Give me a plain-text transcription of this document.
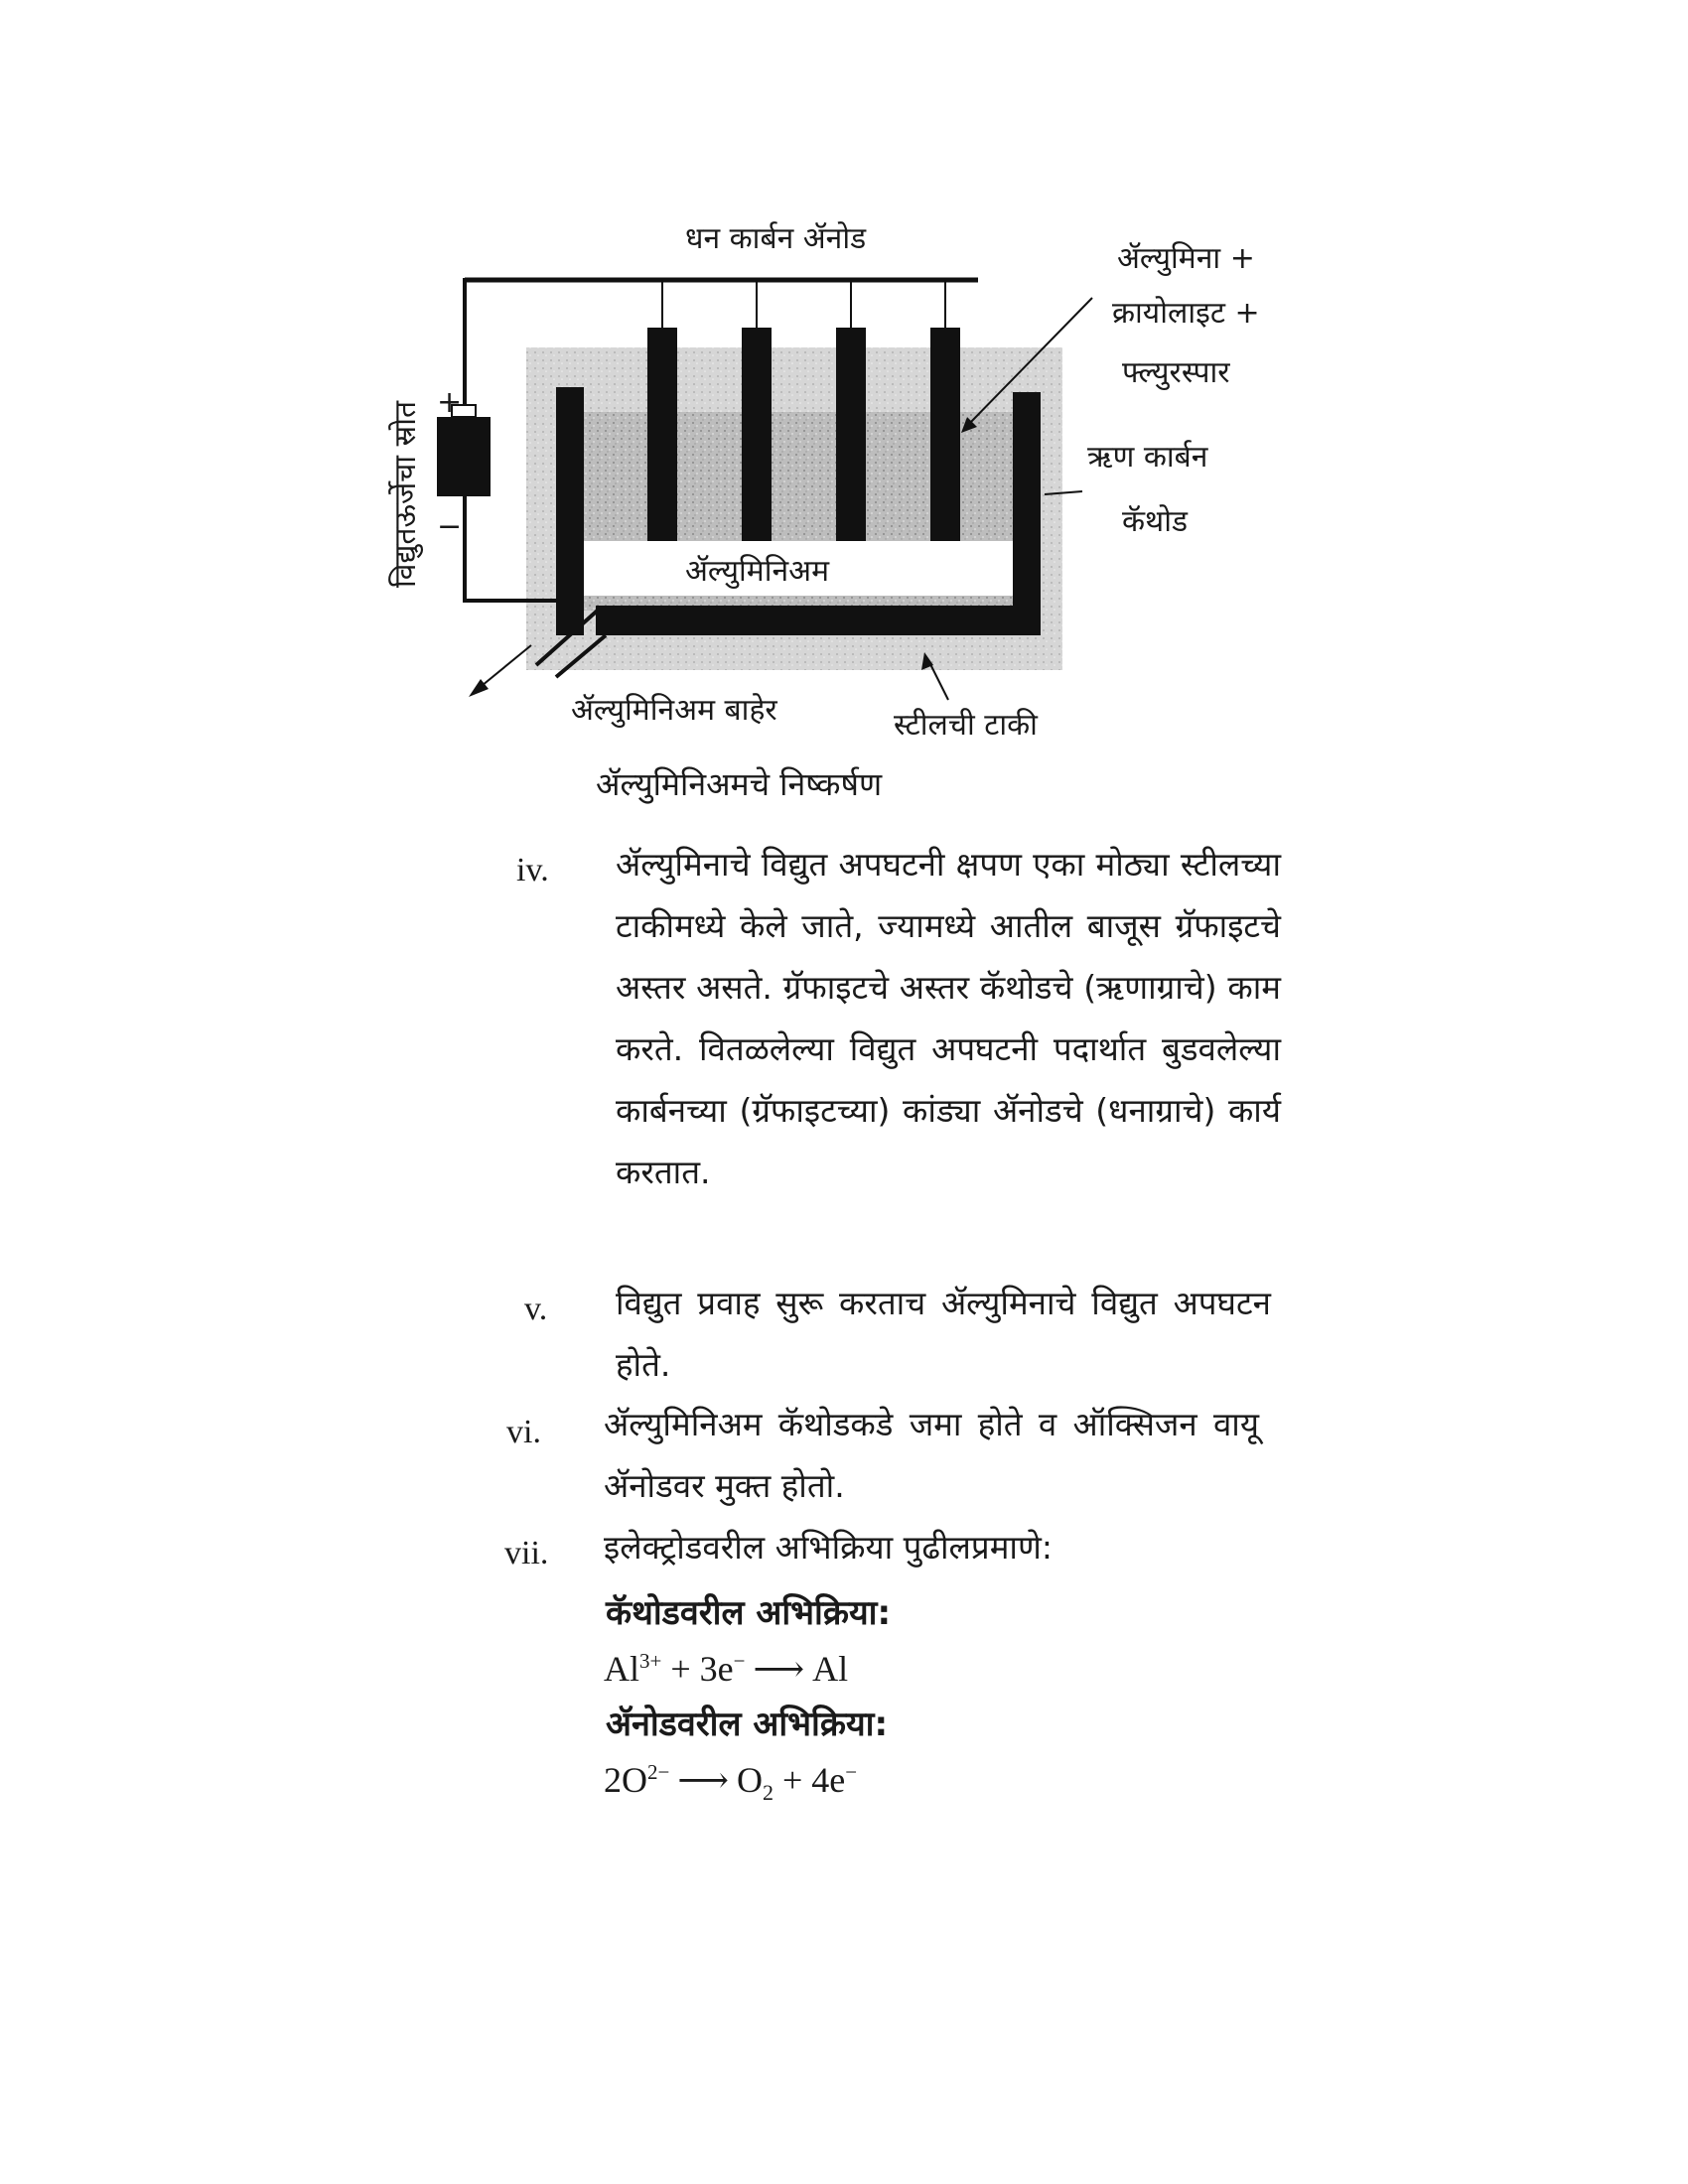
+
−
विद्युतऊर्जेचा स्रोत
धन कार्बन ॲनोड
ॲल्युमिना +
क्रायोलाइट +
फ्ल्युरस्पार
ऋण कार्बन
कॅथोड
ॲल्युमिनिअम
ॲल्युमिनिअम बाहेर	स्टीलची टाकी
ॲल्युमिनिअमचे निष्कर्षण
iv. ॲल्युमिनाचे विद्युत अपघटनी क्षपण एका मोठ्या स्टीलच्या टाकीमध्ये केले जाते, ज्यामध्ये आतील बाजूस ग्रॅफाइटचे अस्तर असते. ग्रॅफाइटचे अस्तर कॅथोडचे (ऋणाग्राचे) काम करते. वितळलेल्या विद्युत अपघटनी पदार्थात बुडवलेल्या कार्बनच्या (ग्रॅफाइटच्या) कांड्या ॲनोडचे (धनाग्राचे) कार्य करतात.
v. विद्युत प्रवाह सुरू करताच ॲल्युमिनाचे विद्युत अपघटन होते.
vi. ॲल्युमिनिअम कॅथोडकडे जमा होते व ऑक्सिजन वायू ॲनोडवर मुक्त होतो.
vii. इलेक्ट्रोडवरील अभिक्रिया पुढीलप्रमाणे:
कॅथोडवरील अभिक्रिया:
$Al^{3+} + 3e^-$ ⟶ Al
ॲनोडवरील अभिक्रिया:
$2O^{2-}$ ⟶ $O_2 + 4e^-$
